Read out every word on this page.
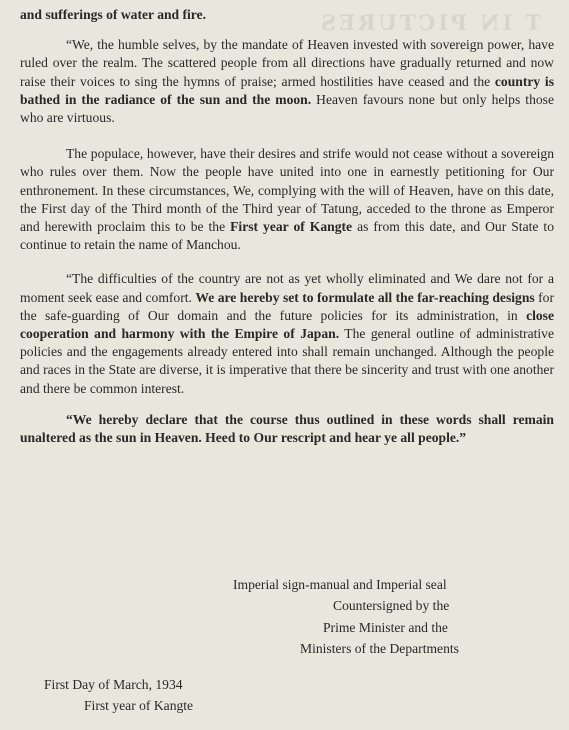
T IN PICTURES

and sufferings of water and fire.

“We, the humble selves, by the mandate of Heaven invested with sovereign power, have ruled over the realm. The scattered people from all directions have gradually returned and now raise their voices to sing the hymns of praise; armed hostilities have ceased and the country is bathed in the radiance of the sun and the moon. Heaven favours none but only helps those who are virtuous.

The populace, however, have their desires and strife would not cease without a sovereign who rules over them. Now the people have united into one in earnestly petitioning for Our enthronement. In these circumstances, We, complying with the will of Heaven, have on this date, the First day of the Third month of the Third year of Tatung, acceded to the throne as Emperor and herewith proclaim this to be the First year of Kangte as from this date, and Our State to continue to retain the name of Manchou.

“The difficulties of the country are not as yet wholly eliminated and We dare not for a moment seek ease and comfort. We are hereby set to formulate all the far-reaching designs for the safe-guarding of Our domain and the future policies for its administration, in close cooperation and harmony with the Empire of Japan. The general outline of administrative policies and the engagements already entered into shall remain unchanged. Although the people and races in the State are diverse, it is imperative that there be sincerity and trust with one another and there be common interest.

“We hereby declare that the course thus outlined in these words shall remain unaltered as the sun in Heaven. Heed to Our rescript and hear ye all people.”

Imperial sign-manual and Imperial seal
Countersigned by the
Prime Minister and the
Ministers of the Departments
First Day of March, 1934
First year of Kangte
